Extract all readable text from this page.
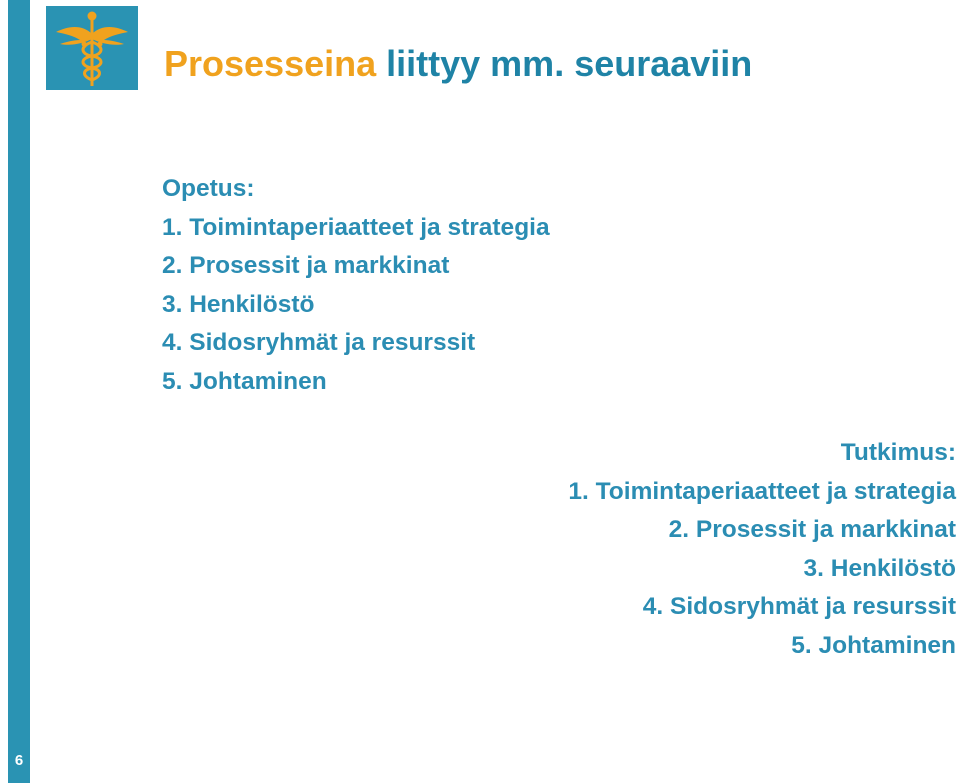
Prosesseina liittyy mm. seuraaviin
Opetus:
1. Toimintaperiaatteet ja strategia
2. Prosessit ja markkinat
3. Henkilöstö
4. Sidosryhmät ja resurssit
5. Johtaminen
Tutkimus:
1. Toimintaperiaatteet ja strategia
2. Prosessit ja markkinat
3. Henkilöstö
4. Sidosryhmät ja resurssit
5. Johtaminen
6
